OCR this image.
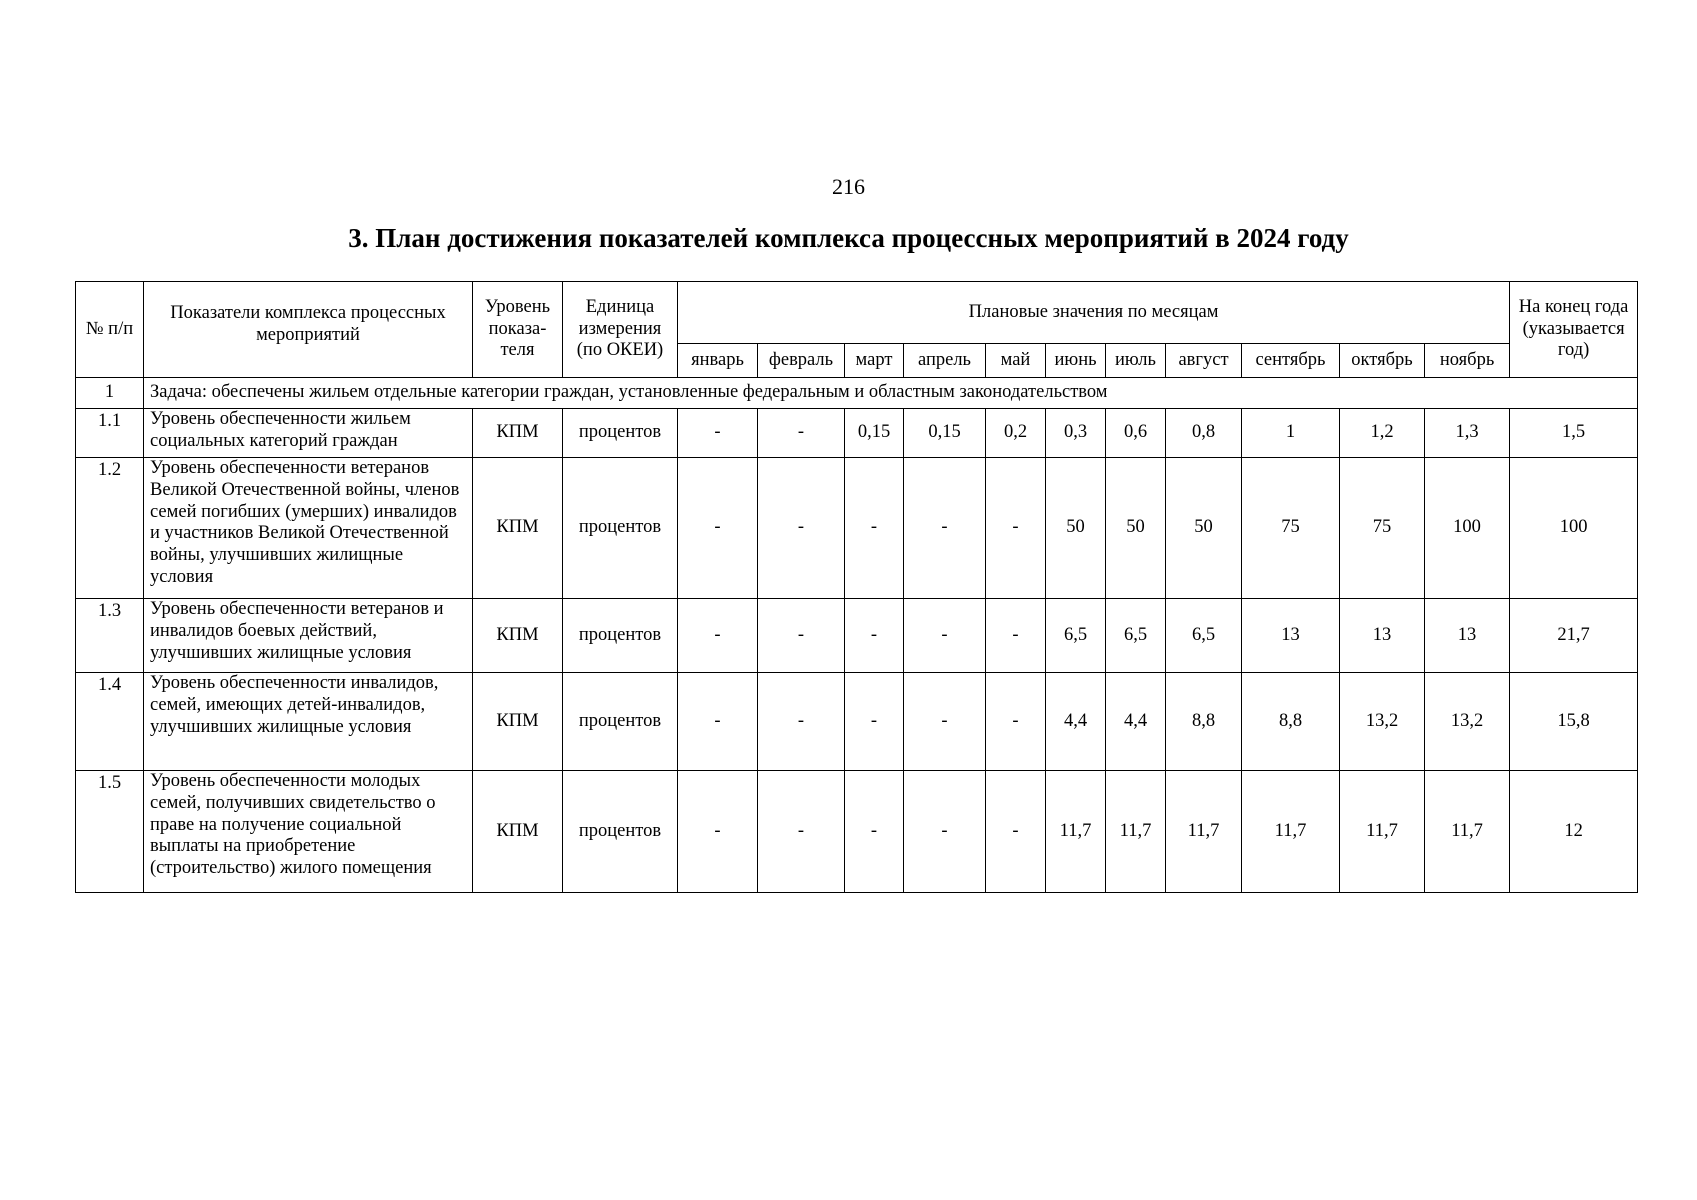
216
3. План достижения показателей комплекса процессных мероприятий в 2024 году
№ п/п	Показатели комплекса процессных мероприятий	Уровень показа-теля	Единица измерения (по ОКЕИ)	Плановые значения по месяцам											На конец года (указывается год)
				январь	февраль	март	апрель	май	июнь	июль	август	сентябрь	октябрь	ноябрь	
1	Задача: обеспечены жильем отдельные категории граждан, установленные федеральным и областным законодательством														
1.1	Уровень обеспеченности жильем социальных категорий граждан	КПМ	процентов	-	-	0,15	0,15	0,2	0,3	0,6	0,8	1	1,2	1,3	1,5
1.2	Уровень обеспеченности ветеранов Великой Отечественной войны, членов семей погибших (умерших) инвалидов и участников Великой Отечественной войны, улучшивших жилищные условия	КПМ	процентов	-	-	-	-	-	50	50	50	75	75	100	100
1.3	Уровень обеспеченности ветеранов и инвалидов боевых действий, улучшивших жилищные условия	КПМ	процентов	-	-	-	-	-	6,5	6,5	6,5	13	13	13	21,7
1.4	Уровень обеспеченности инвалидов, семей, имеющих детей-инвалидов, улучшивших жилищные условия	КПМ	процентов	-	-	-	-	-	4,4	4,4	8,8	8,8	13,2	13,2	15,8
1.5	Уровень обеспеченности молодых семей, получивших свидетельство о праве на получение социальной выплаты на приобретение (строительство) жилого помещения	КПМ	процентов	-	-	-	-	-	11,7	11,7	11,7	11,7	11,7	11,7	12
